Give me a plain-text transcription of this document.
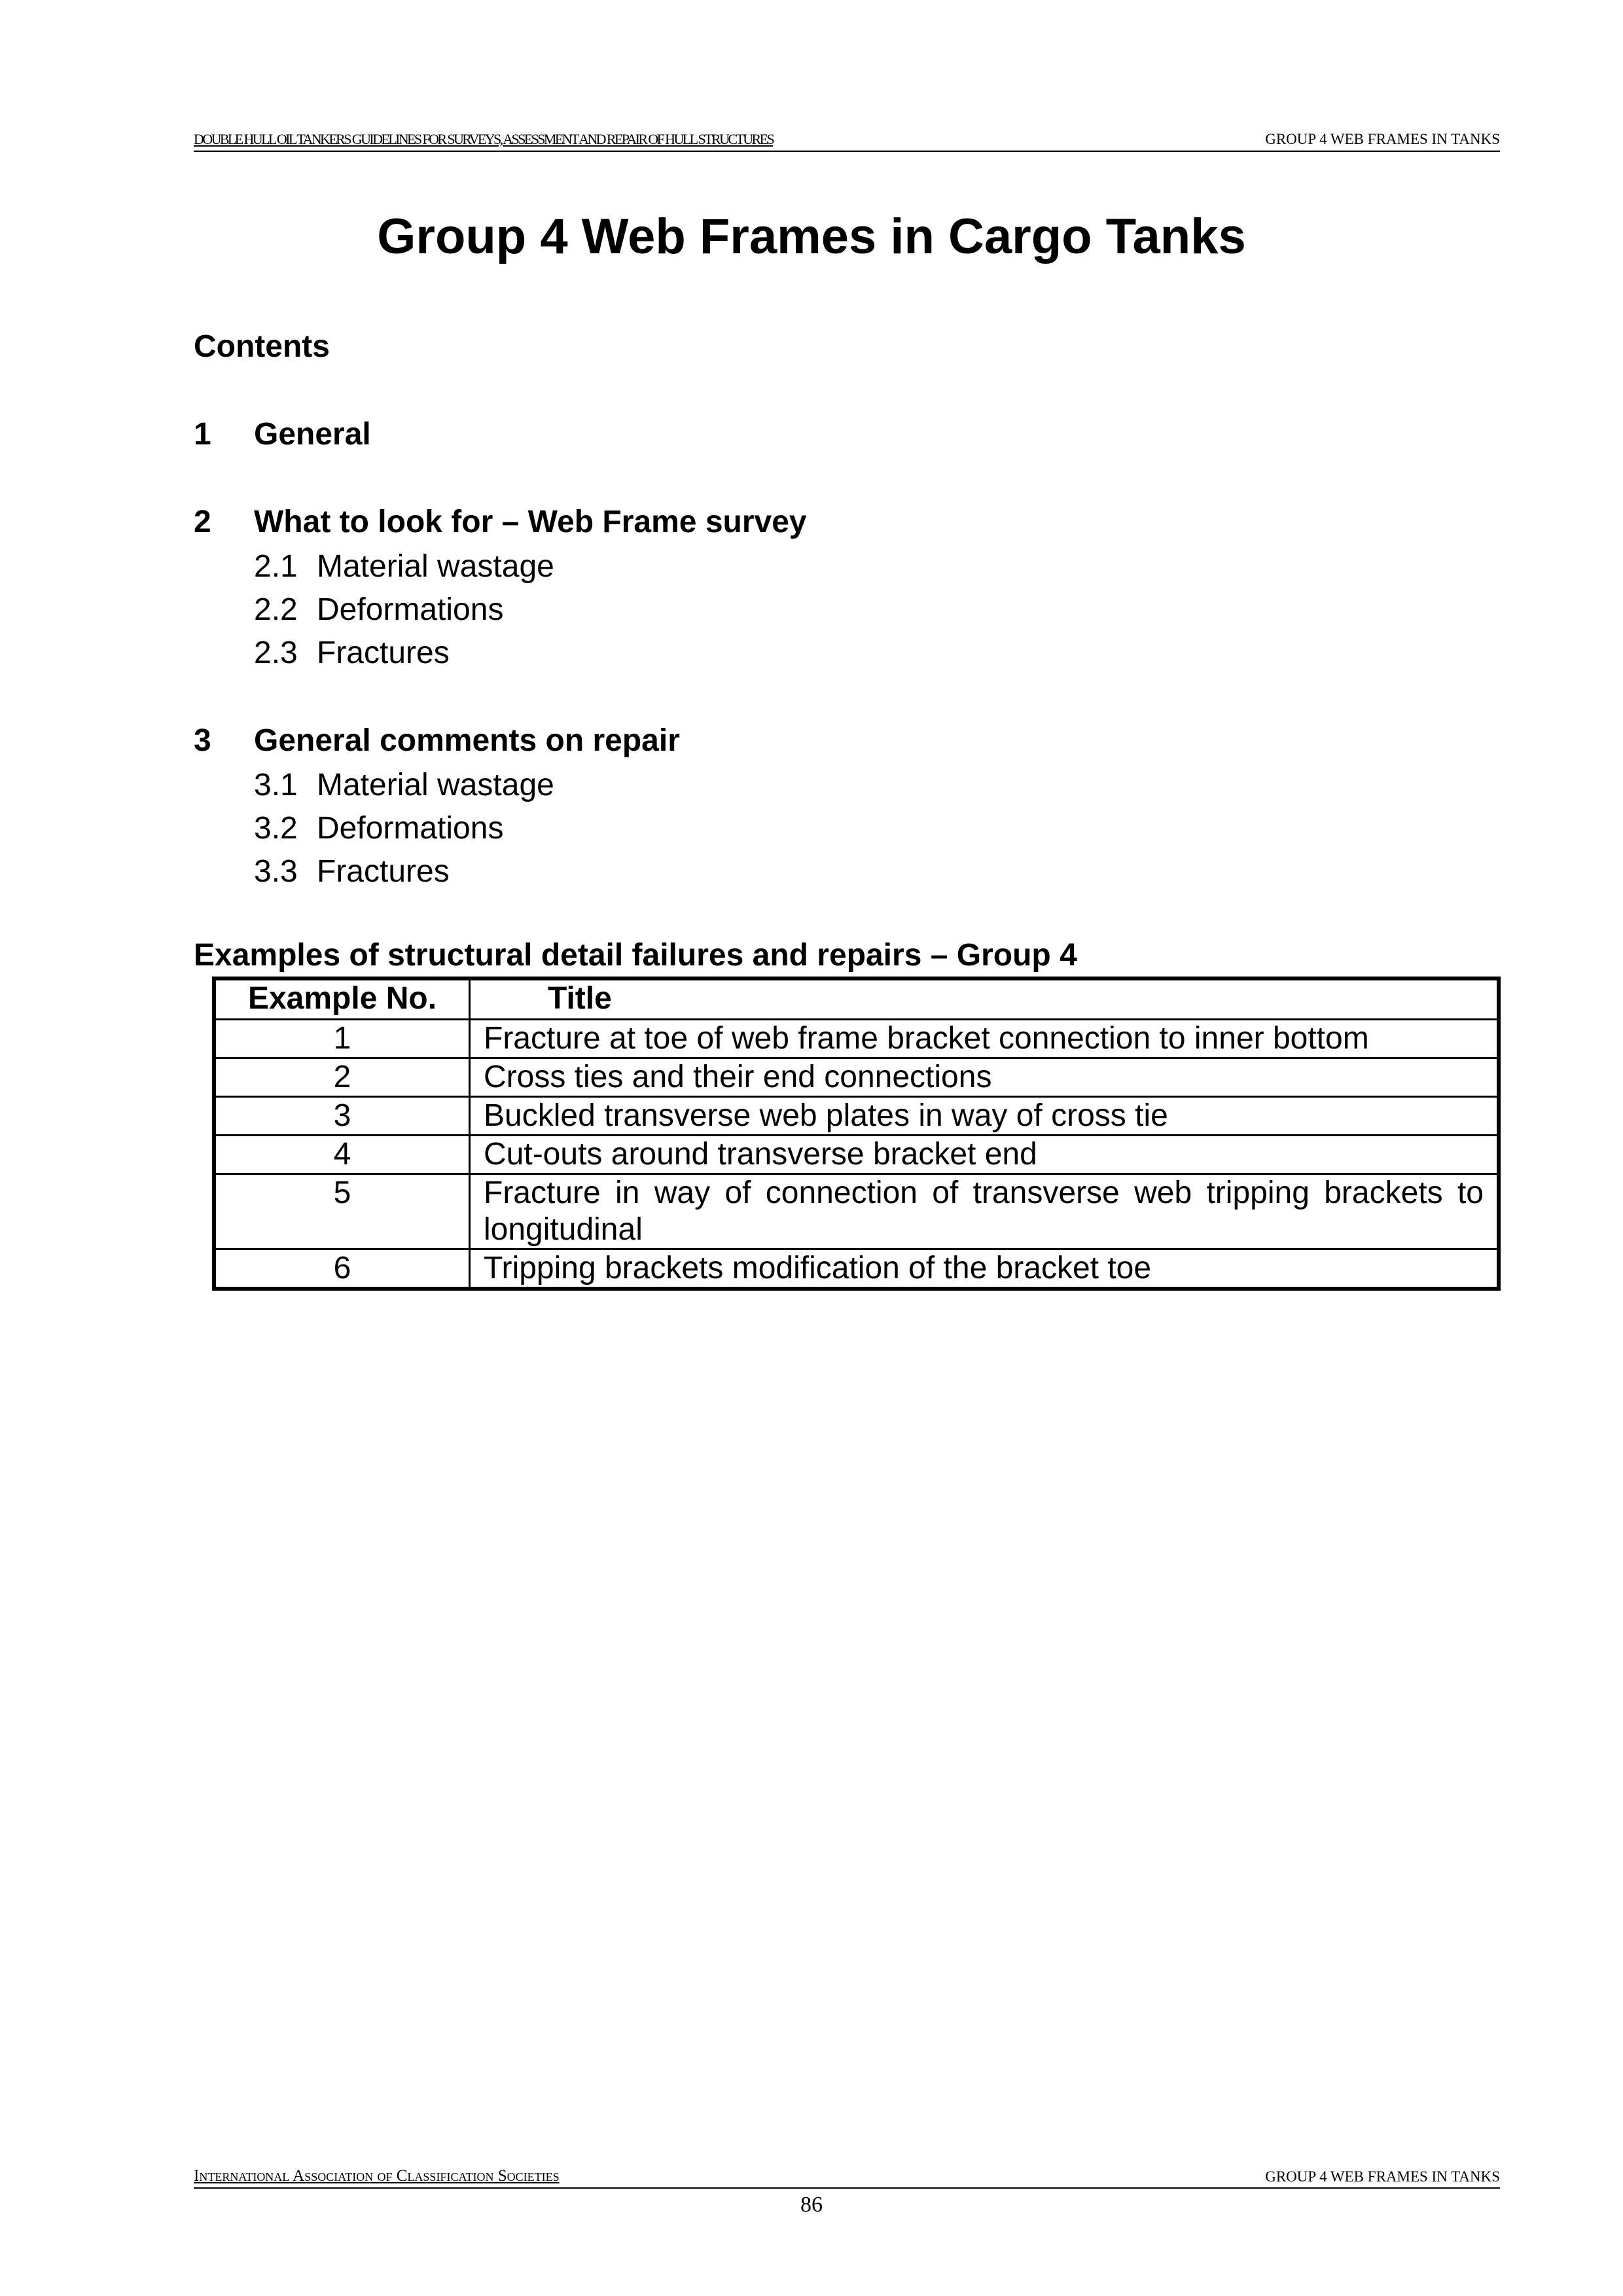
DOUBLE HULL OIL TANKERS GUIDELINES FOR SURVEYS, ASSESSMENT AND REPAIR OF HULL STRUCTURES	GROUP 4 WEB FRAMES IN TANKS
Group 4 Web Frames in Cargo Tanks
Contents
1 General
2 What to look for – Web Frame survey
2.1 Material wastage
2.2 Deformations
2.3 Fractures
3 General comments on repair
3.1 Material wastage
3.2 Deformations
3.3 Fractures
Examples of structural detail failures and repairs – Group 4
Example No.	Title
1	Fracture at toe of web frame bracket connection to inner bottom
2	Cross ties and their end connections
3	Buckled transverse web plates in way of cross tie
4	Cut-outs around transverse bracket end
5	Fracture in way of connection of transverse web tripping brackets to longitudinal
6	Tripping brackets modification of the bracket toe
International Association of Classification Societies	GROUP 4 WEB FRAMES IN TANKS
86
